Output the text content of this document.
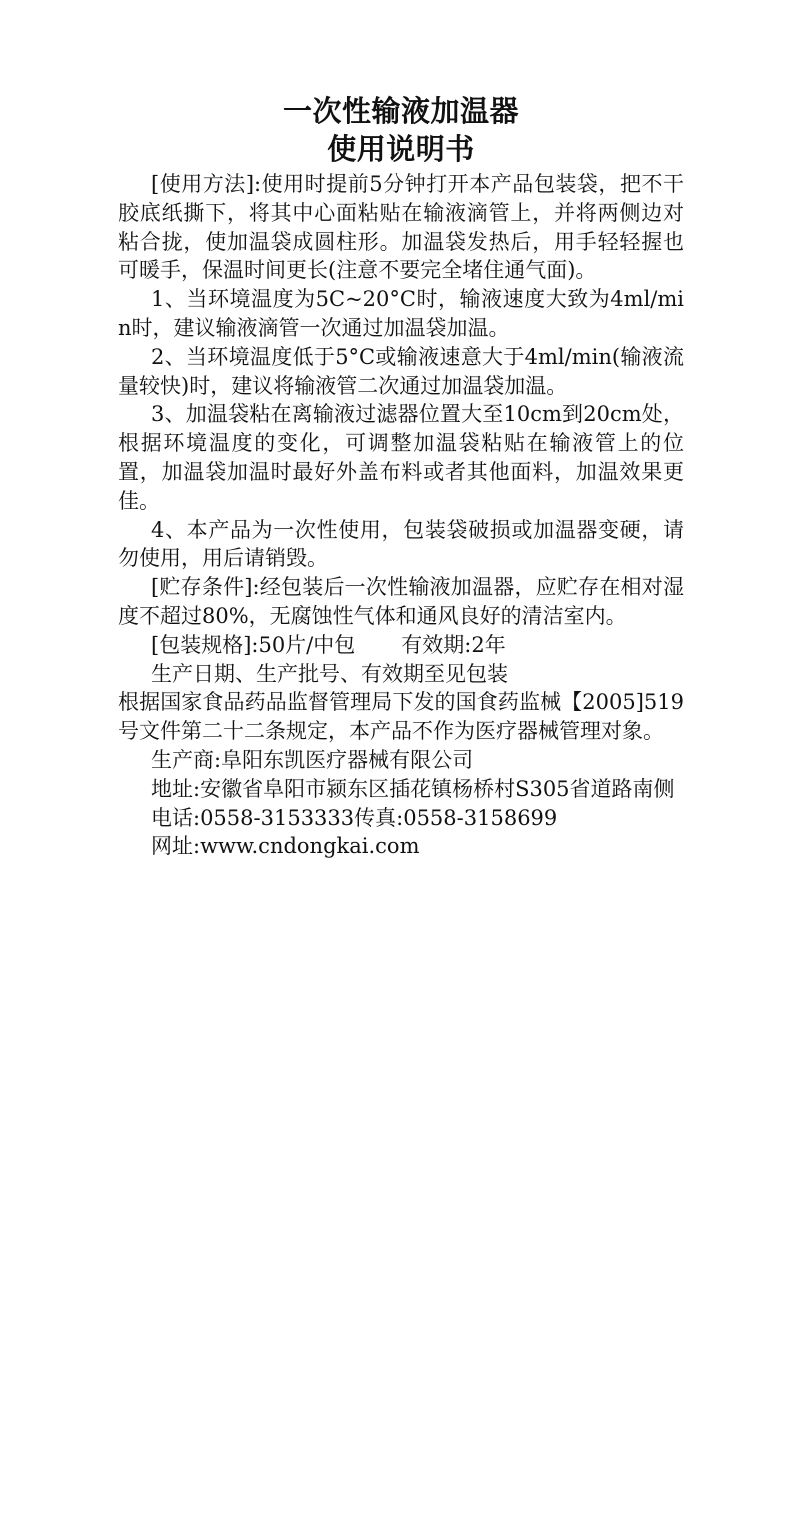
一次性输液加温器
使用说明书

[使用方法]:使用时提前5分钟打开本产品包装袋，把不干胶底纸撕下，将其中心面粘贴在输液滴管上，并将两侧边对粘合拢，使加温袋成圆柱形。加温袋发热后，用手轻轻握也可暖手，保温时间更长(注意不要完全堵住通气面)。

1、当环境温度为5C~20°C时，输液速度大致为4ml/min时，建议输液滴管一次通过加温袋加温。

2、当环境温度低于5°C或输液速意大于4ml/min(输液流量较快)时，建议将输液管二次通过加温袋加温。

3、加温袋粘在离输液过滤器位置大至10cm到20cm处，根据环境温度的变化，可调整加温袋粘贴在输液管上的位置，加温袋加温时最好外盖布料或者其他面料，加温效果更佳。

4、本产品为一次性使用，包装袋破损或加温器变硬，请勿使用，用后请销毁。

[贮存条件]:经包装后一次性输液加温器，应贮存在相对湿度不超过80%，无腐蚀性气体和通风良好的清洁室内。

[包装规格]:50片/中包 有效期:2年

生产日期、生产批号、有效期至见包装

根据国家食品药品监督管理局下发的国食药监械【2005]519号文件第二十二条规定，本产品不作为医疗器械管理对象。

生产商:阜阳东凯医疗器械有限公司

地址:安徽省阜阳市颍东区插花镇杨桥村S305省道路南侧

电话:0558-3153333传真:0558-3158699

网址:www.cndongkai.com
